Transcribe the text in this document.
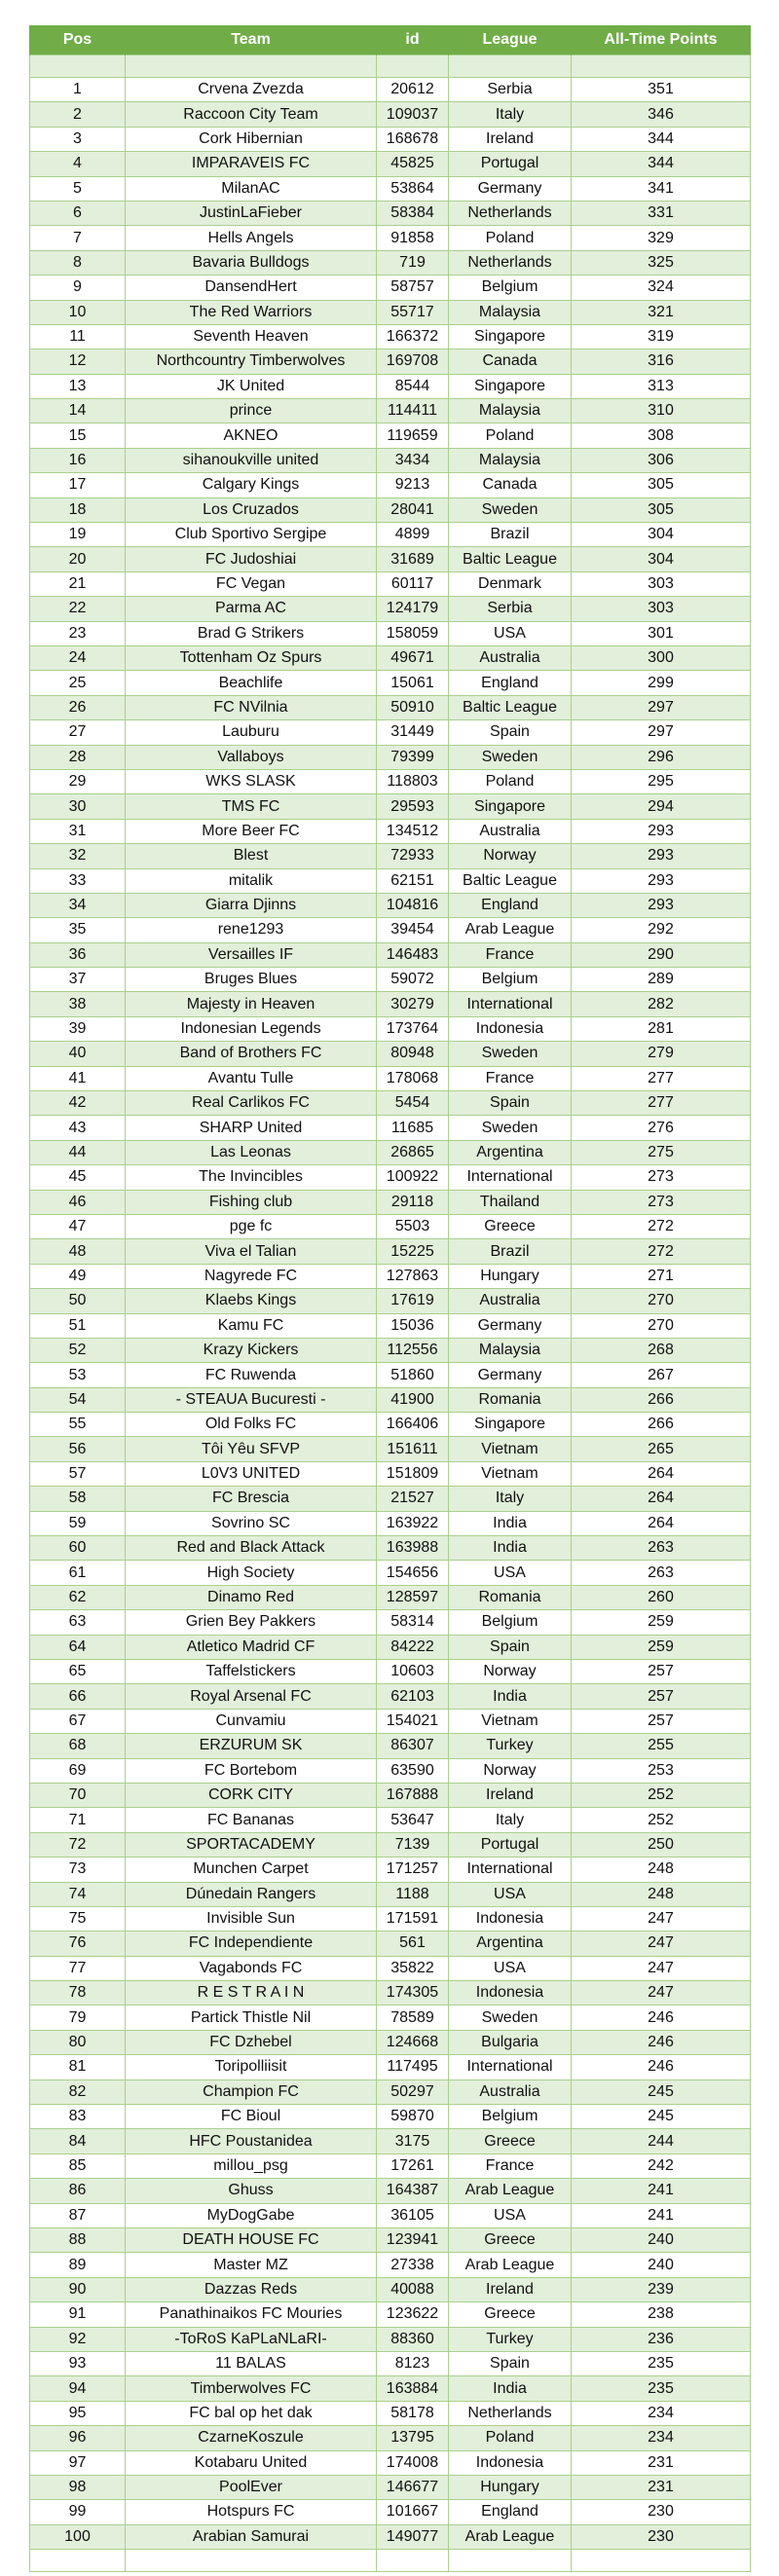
Pos	Team	id	League	All-Time Points

1	Crvena Zvezda	20612	Serbia	351
2	Raccoon City Team	109037	Italy	346
3	Cork Hibernian	168678	Ireland	344
4	IMPARAVEIS FC	45825	Portugal	344
5	MilanAC	53864	Germany	341
6	JustinLaFieber	58384	Netherlands	331
7	Hells Angels	91858	Poland	329
8	Bavaria Bulldogs	719	Netherlands	325
9	DansendHert	58757	Belgium	324
10	The Red Warriors	55717	Malaysia	321
11	Seventh Heaven	166372	Singapore	319
12	Northcountry Timberwolves	169708	Canada	316
13	JK United	8544	Singapore	313
14	prince	114411	Malaysia	310
15	AKNEO	119659	Poland	308
16	sihanoukville united	3434	Malaysia	306
17	Calgary Kings	9213	Canada	305
18	Los Cruzados	28041	Sweden	305
19	Club Sportivo Sergipe	4899	Brazil	304
20	FC Judoshiai	31689	Baltic League	304
21	FC Vegan	60117	Denmark	303
22	Parma AC	124179	Serbia	303
23	Brad G Strikers	158059	USA	301
24	Tottenham Oz Spurs	49671	Australia	300
25	Beachlife	15061	England	299
26	FC NVilnia	50910	Baltic League	297
27	Lauburu	31449	Spain	297
28	Vallaboys	79399	Sweden	296
29	WKS SLASK	118803	Poland	295
30	TMS FC	29593	Singapore	294
31	More Beer FC	134512	Australia	293
32	Blest	72933	Norway	293
33	mitalik	62151	Baltic League	293
34	Giarra Djinns	104816	England	293
35	rene1293	39454	Arab League	292
36	Versailles IF	146483	France	290
37	Bruges Blues	59072	Belgium	289
38	Majesty in Heaven	30279	International	282
39	Indonesian Legends	173764	Indonesia	281
40	Band of Brothers FC	80948	Sweden	279
41	Avantu Tulle	178068	France	277
42	Real Carlikos FC	5454	Spain	277
43	SHARP United	11685	Sweden	276
44	Las Leonas	26865	Argentina	275
45	The Invincibles	100922	International	273
46	Fishing club	29118	Thailand	273
47	pge fc	5503	Greece	272
48	Viva el Talian	15225	Brazil	272
49	Nagyrede FC	127863	Hungary	271
50	Klaebs Kings	17619	Australia	270
51	Kamu FC	15036	Germany	270
52	Krazy Kickers	112556	Malaysia	268
53	FC Ruwenda	51860	Germany	267
54	- STEAUA Bucuresti -	41900	Romania	266
55	Old Folks FC	166406	Singapore	266
56	Tôi Yêu SFVP	151611	Vietnam	265
57	L0V3 UNITED	151809	Vietnam	264
58	FC Brescia	21527	Italy	264
59	Sovrino SC	163922	India	264
60	Red and Black Attack	163988	India	263
61	High Society	154656	USA	263
62	Dinamo Red	128597	Romania	260
63	Grien Bey Pakkers	58314	Belgium	259
64	Atletico Madrid CF	84222	Spain	259
65	Taffelstickers	10603	Norway	257
66	Royal Arsenal FC	62103	India	257
67	Cunvamiu	154021	Vietnam	257
68	ERZURUM SK	86307	Turkey	255
69	FC Bortebom	63590	Norway	253
70	CORK CITY	167888	Ireland	252
71	FC Bananas	53647	Italy	252
72	SPORTACADEMY	7139	Portugal	250
73	Munchen Carpet	171257	International	248
74	Dúnedain Rangers	1188	USA	248
75	Invisible Sun	171591	Indonesia	247
76	FC Independiente	561	Argentina	247
77	Vagabonds FC	35822	USA	247
78	R E S T R A I N	174305	Indonesia	247
79	Partick Thistle Nil	78589	Sweden	246
80	FC Dzhebel	124668	Bulgaria	246
81	Toripolliisit	117495	International	246
82	Champion FC	50297	Australia	245
83	FC Bioul	59870	Belgium	245
84	HFC Poustanidea	3175	Greece	244
85	millou_psg	17261	France	242
86	Ghuss	164387	Arab League	241
87	MyDogGabe	36105	USA	241
88	DEATH HOUSE FC	123941	Greece	240
89	Master MZ	27338	Arab League	240
90	Dazzas Reds	40088	Ireland	239
91	Panathinaikos FC Mouries	123622	Greece	238
92	-ToRoS KaPLaNLaRI-	88360	Turkey	236
93	11 BALAS	8123	Spain	235
94	Timberwolves FC	163884	India	235
95	FC bal op het dak	58178	Netherlands	234
96	CzarneKoszule	13795	Poland	234
97	Kotabaru United	174008	Indonesia	231
98	PoolEver	146677	Hungary	231
99	Hotspurs FC	101667	England	230
100	Arabian Samurai	149077	Arab League	230
